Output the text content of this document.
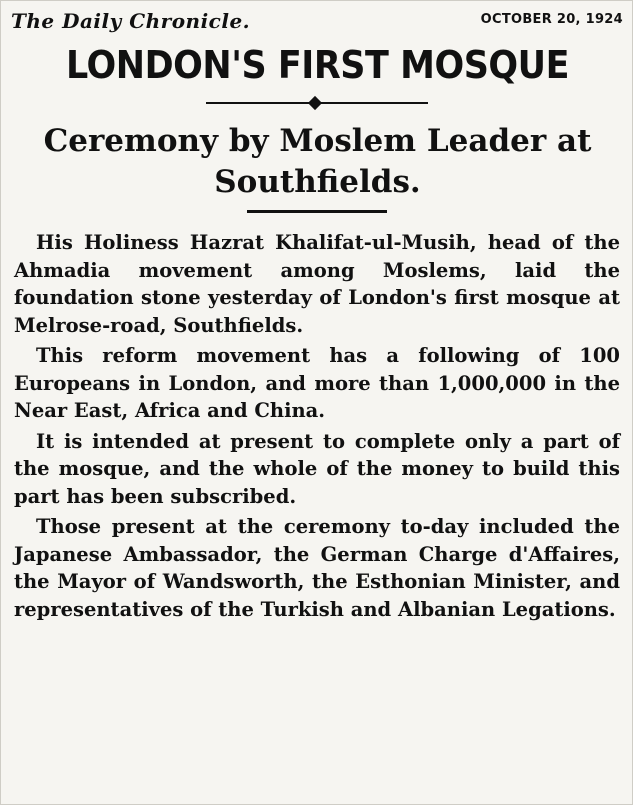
The Daily Chronicle.	OCTOBER 20, 1924
LONDON'S FIRST MOSQUE
Ceremony by Moslem Leader at Southfields.

His Holiness Hazrat Khalifat-ul-Musih, head of the Ahmadia movement among Moslems, laid the foundation stone yesterday of London's first mosque at Melrose-road, Southfields.

This reform movement has a following of 100 Europeans in London, and more than 1,000,000 in the Near East, Africa and China.

It is intended at present to complete only a part of the mosque, and the whole of the money to build this part has been subscribed.

Those present at the ceremony to-day included the Japanese Ambassador, the German Charge d'Affaires, the Mayor of Wandsworth, the Esthonian Minister, and representatives of the Turkish and Albanian Legations.
